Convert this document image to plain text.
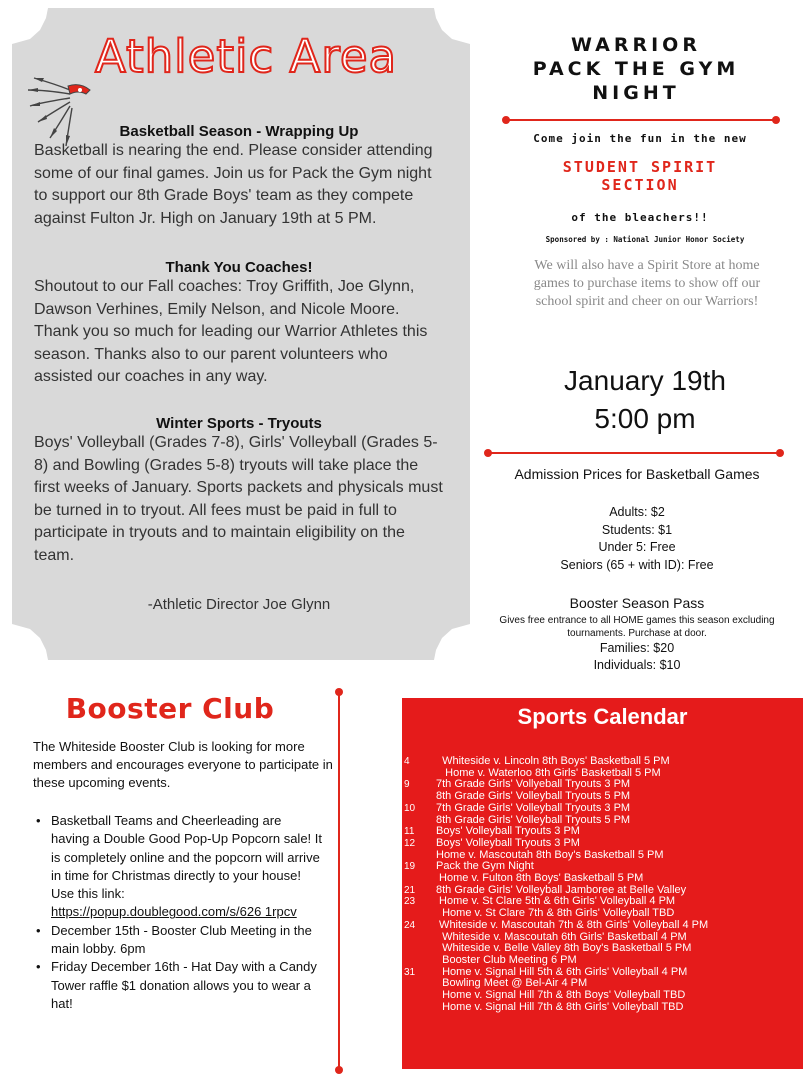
Athletic Area
Basketball Season - Wrapping Up
Basketball is nearing the end. Please consider attending some of our final games. Join us for Pack the Gym night to support our 8th Grade Boys' team as they compete against Fulton Jr. High on January 19th at 5 PM.
Thank You Coaches!
Shoutout to our Fall coaches: Troy Griffith, Joe Glynn, Dawson Verhines, Emily Nelson, and Nicole Moore. Thank you so much for leading our Warrior Athletes this season. Thanks also to our parent volunteers who assisted our coaches in any way.
Winter Sports - Tryouts
Boys' Volleyball (Grades 7-8), Girls' Volleyball (Grades 5-8) and Bowling (Grades 5-8) tryouts will take place the first weeks of January. Sports packets and physicals must be turned in to tryout. All fees must be paid in full to participate in tryouts and to maintain eligibility on the team.
-Athletic Director Joe Glynn
WARRIOR
PACK THE GYM
NIGHT
Come join the fun in the new
STUDENT SPIRIT
SECTION
of the bleachers!!
Sponsored by : National Junior Honor Society
We will also have a Spirit Store at home games to purchase items to show off our school spirit and cheer on our Warriors!
January 19th
5:00 pm
Admission Prices for Basketball Games
Adults: $2
Students: $1
Under 5: Free
Seniors (65 + with ID): Free
Booster Season Pass
Gives free entrance to all HOME games this season excluding tournaments. Purchase at door.
Families: $20
Individuals: $10
Booster Club
The Whiteside Booster Club is looking for more members and encourages everyone to participate in these upcoming events.
• Basketball Teams and Cheerleading are having a Double Good Pop-Up Popcorn sale! It is completely online and the popcorn will arrive in time for Christmas directly to your house! Use this link: https://popup.doublegood.com/s/626 1rpcv
• December 15th - Booster Club Meeting in the main lobby. 6pm
• Friday December 16th - Hat Day with a Candy Tower raffle $1 donation allows you to wear a hat!
Sports Calendar
4	Whiteside v. Lincoln 8th Boys' Basketball 5 PM
Home v. Waterloo 8th Girls' Basketball 5 PM
9	7th Grade Girls' Vollyeball Tryouts 3 PM
8th Grade Girls' Volleyball Tryouts 5 PM
10	7th Grade Girls' Volleyball Tryouts 3 PM
8th Grade Girls' Volleyball Tryouts 5 PM
11	Boys' Volleyball Tryouts 3 PM
12	Boys' Volleyball Tryouts 3 PM
Home v. Mascoutah 8th Boy's Basketball 5 PM
19	Pack the Gym Night
Home v. Fulton 8th Boys' Basketball 5 PM
21	8th Grade Girls' Volleyball Jamboree at Belle Valley
23	Home v. St Clare 5th & 6th Girls' Volleyball 4 PM
Home v. St Clare 7th & 8th Girls' Volleyball TBD
24	Whiteside v. Mascoutah 7th & 8th Girls' Volleyball 4 PM
Whiteside v. Mascoutah 6th Girls' Basketball 4 PM
Whiteside v. Belle Valley 8th Boy's Basketball 5 PM
Booster Club Meeting 6 PM
31	Home v. Signal Hill 5th & 6th Girls' Volleyball 4 PM
Bowling Meet @ Bel-Air 4 PM
Home v. Signal Hill 7th & 8th Boys' Volleyball TBD
Home v. Signal Hill 7th & 8th Girls' Volleyball TBD
